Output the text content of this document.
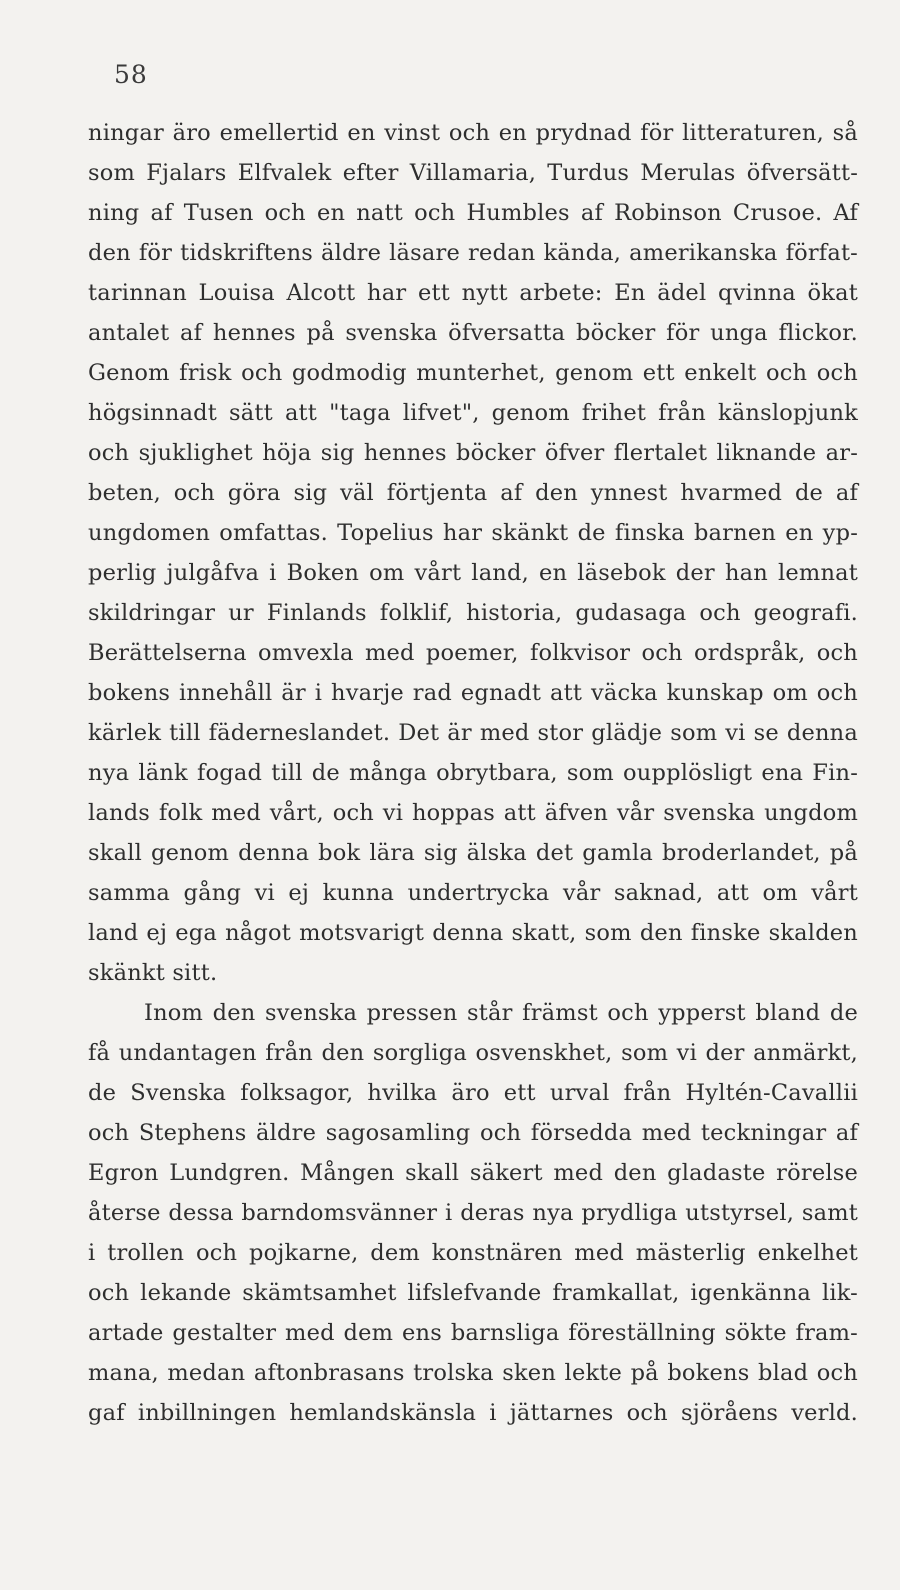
58
ningar äro emellertid en vinst och en prydnad för litteraturen, så
som Fjalars Elfvalek efter Villamaria, Turdus Merulas öfversätt-
ning af Tusen och en natt och Humbles af Robinson Crusoe. Af
den för tidskriftens äldre läsare redan kända, amerikanska förfat-
tarinnan Louisa Alcott har ett nytt arbete: En ädel qvinna ökat
antalet af hennes på svenska öfversatta böcker för unga flickor.
Genom frisk och godmodig munterhet, genom ett enkelt och och
högsinnadt sätt att "taga lifvet", genom frihet från känslopjunk
och sjuklighet höja sig hennes böcker öfver flertalet liknande ar-
beten, och göra sig väl förtjenta af den ynnest hvarmed de af
ungdomen omfattas. Topelius har skänkt de finska barnen en yp-
perlig julgåfva i Boken om vårt land, en läsebok der han lemnat
skildringar ur Finlands folklif, historia, gudasaga och geografi.
Berättelserna omvexla med poemer, folkvisor och ordspråk, och
bokens innehåll är i hvarje rad egnadt att väcka kunskap om och
kärlek till fäderneslandet. Det är med stor glädje som vi se denna
nya länk fogad till de många obrytbara, som oupplösligt ena Fin-
lands folk med vårt, och vi hoppas att äfven vår svenska ungdom
skall genom denna bok lära sig älska det gamla broderlandet, på
samma gång vi ej kunna undertrycka vår saknad, att om vårt
land ej ega något motsvarigt denna skatt, som den finske skalden
skänkt sitt.
Inom den svenska pressen står främst och ypperst bland de
få undantagen från den sorgliga osvenskhet, som vi der anmärkt,
de Svenska folksagor, hvilka äro ett urval från Hyltén-Cavallii
och Stephens äldre sagosamling och försedda med teckningar af
Egron Lundgren. Mången skall säkert med den gladaste rörelse
återse dessa barndomsvänner i deras nya prydliga utstyrsel, samt
i trollen och pojkarne, dem konstnären med mästerlig enkelhet
och lekande skämtsamhet lifslefvande framkallat, igenkänna lik-
artade gestalter med dem ens barnsliga föreställning sökte fram-
mana, medan aftonbrasans trolska sken lekte på bokens blad och
gaf inbillningen hemlandskänsla i jättarnes och sjöråens verld.
